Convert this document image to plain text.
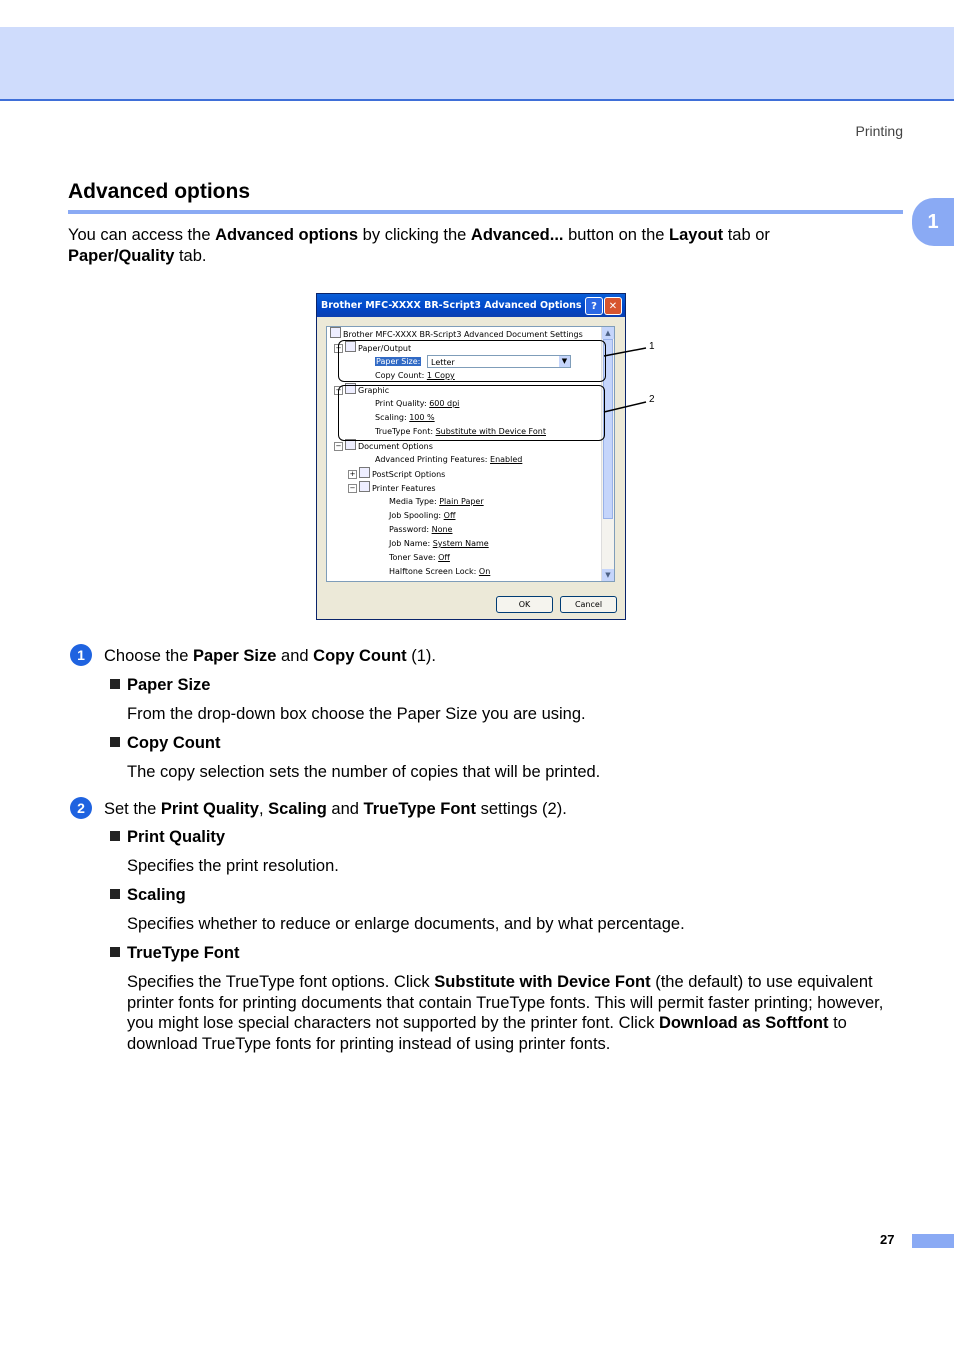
Printing
1
Advanced options
You can access the Advanced options by clicking the Advanced... button on the Layout tab or
Paper/Quality tab.
Brother MFC-XXXX BR-Script3 Advanced Options ?	✕
Brother MFC-XXXX BR-Script3 Advanced Document Settings
−	Paper/Output
Paper Size:	Letter	▼
Copy Count: 1 Copy
−	Graphic
Print Quality: 600 dpi
Scaling: 100 %
TrueType Font: Substitute with Device Font
−	Document Options
Advanced Printing Features: Enabled
+	PostScript Options
−	Printer Features
Media Type: Plain Paper
Job Spooling: Off
Password: None
Job Name: System Name
Toner Save: Off
Halftone Screen Lock: On
▲
▼
OK	Cancel
1
2
1	Choose the Paper Size and Copy Count (1).
Paper Size
From the drop-down box choose the Paper Size you are using.
Copy Count
The copy selection sets the number of copies that will be printed.
2	Set the Print Quality, Scaling and TrueType Font settings (2).
Print Quality
Specifies the print resolution.
Scaling
Specifies whether to reduce or enlarge documents, and by what percentage.
TrueType Font
Specifies the TrueType font options. Click Substitute with Device Font (the default) to use equivalent printer fonts for printing documents that contain TrueType fonts. This will permit faster printing; however, you might lose special characters not supported by the printer font. Click Download as Softfont to download TrueType fonts for printing instead of using printer fonts.
27
